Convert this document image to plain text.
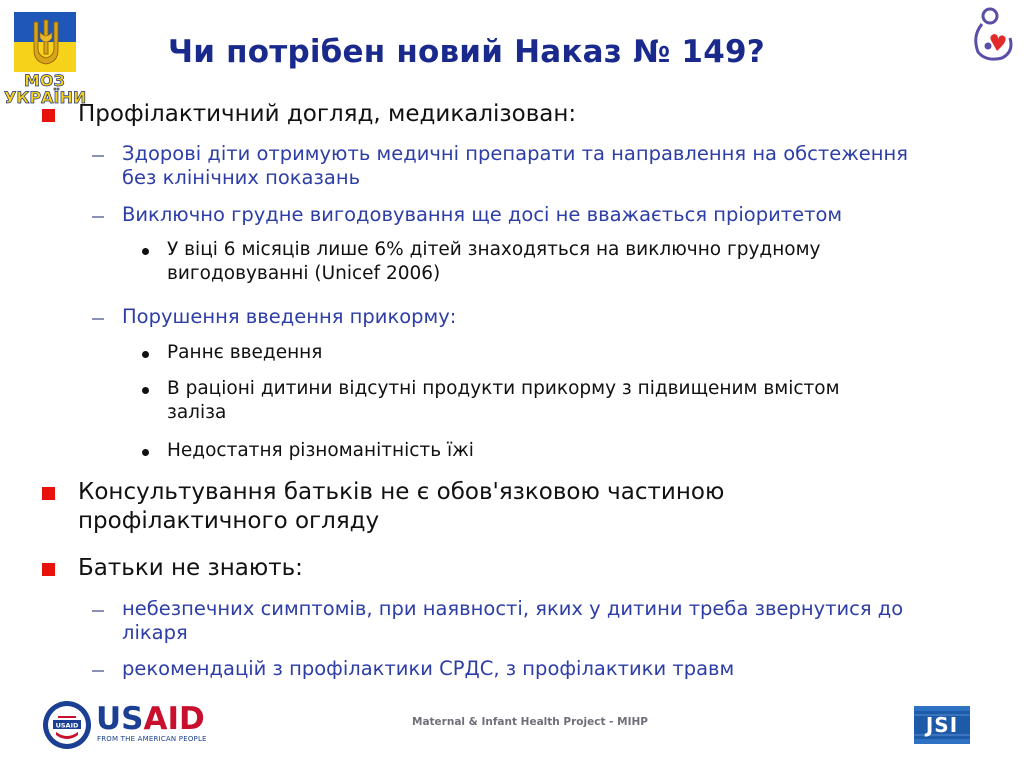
МОЗ
УКРАЇНИ
Чи потрібен новий Наказ № 149?
Профілактичний догляд, медикалізован:
Здорові діти отримують медичні препарати та направлення на обстеження
без клінічних показань
Виключно грудне вигодовування ще досі не вважається пріоритетом
У віці 6 місяців лише 6% дітей знаходяться на виключно грудному
вигодовуванні (Unicef 2006)
Порушення введення прикорму:
Раннє введення
В раціоні дитини відсутні продукти прикорму з підвищеним вмістом
заліза
Недостатня різноманітність їжі
Консультування батьків не є обов'язковою частиною
профілактичного огляду
Батьки не знають:
небезпечних симптомів, при наявності, яких у дитини треба звернутися до
лікаря
рекомендацій з профілактики СРДС, з профілактики травм
USAID USAID
FROM THE AMERICAN PEOPLE
Maternal & Infant Health Project - MIHP	JSI
